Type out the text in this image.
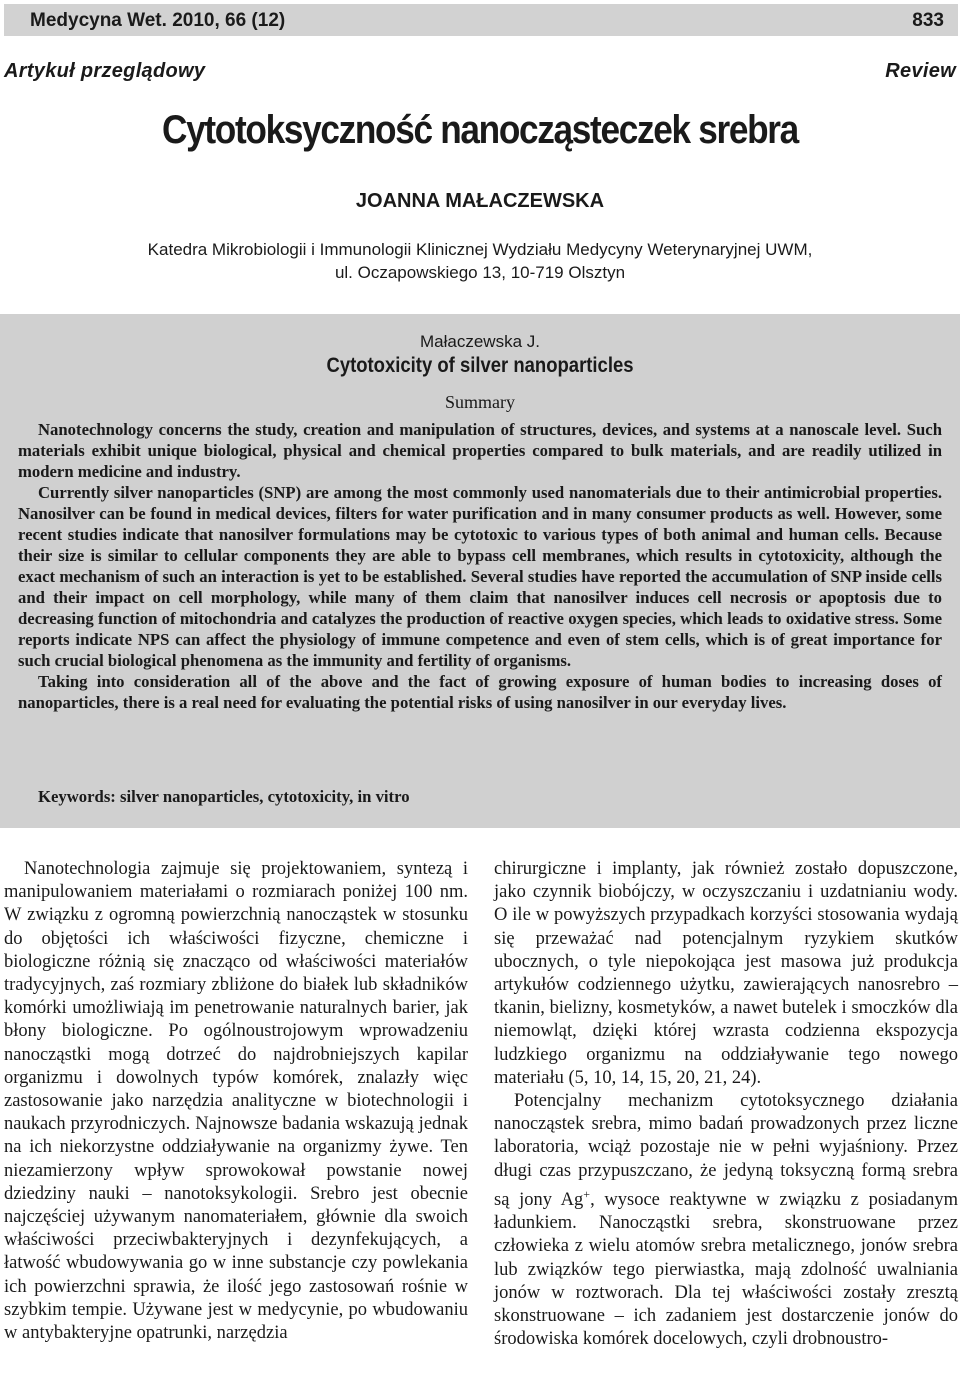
Medycyna Wet. 2010, 66 (12)	833
Artykuł przeglądowy	Review
Cytotoksyczność nanocząsteczek srebra
JOANNA MAŁACZEWSKA
Katedra Mikrobiologii i Immunologii Klinicznej Wydziału Medycyny Weterynaryjnej UWM,
ul. Oczapowskiego 13, 10-719 Olsztyn
Małaczewska J.
Cytotoxicity of silver nanoparticles
Summary

Nanotechnology concerns the study, creation and manipulation of structures, devices, and systems at a nanoscale level. Such materials exhibit unique biological, physical and chemical properties compared to bulk materials, and are readily utilized in modern medicine and industry.

Currently silver nanoparticles (SNP) are among the most commonly used nanomaterials due to their antimicrobial properties. Nanosilver can be found in medical devices, filters for water purification and in many consumer products as well. However, some recent studies indicate that nanosilver formulations may be cytotoxic to various types of both animal and human cells. Because their size is similar to cellular components they are able to bypass cell membranes, which results in cytotoxicity, although the exact mechanism of such an interaction is yet to be established. Several studies have reported the accumulation of SNP inside cells and their impact on cell morphology, while many of them claim that nanosilver induces cell necrosis or apoptosis due to decreasing function of mitochondria and catalyzes the production of reactive oxygen species, which leads to oxidative stress. Some reports indicate NPS can affect the physiology of immune competence and even of stem cells, which is of great importance for such crucial biological phenomena as the immunity and fertility of organisms.

Taking into consideration all of the above and the fact of growing exposure of human bodies to increasing doses of nanoparticles, there is a real need for evaluating the potential risks of using nanosilver in our everyday lives.

Keywords: silver nanoparticles, cytotoxicity, in vitro

Nanotechnologia zajmuje się projektowaniem, syntezą i manipulowaniem materiałami o rozmiarach poniżej 100 nm. W związku z ogromną powierzchnią nanocząstek w stosunku do objętości ich właściwości fizyczne, chemiczne i biologiczne różnią się znacząco od właściwości materiałów tradycyjnych, zaś rozmiary zbliżone do białek lub składników komórki umożliwiają im penetrowanie naturalnych barier, jak błony biologiczne. Po ogólnoustrojowym wprowadzeniu nanocząstki mogą dotrzeć do najdrobniejszych kapilar organizmu i dowolnych typów komórek, znalazły więc zastosowanie jako narzędzia analityczne w biotechnologii i naukach przyrodniczych. Najnowsze badania wskazują jednak na ich niekorzystne oddziaływanie na organizmy żywe. Ten niezamierzony wpływ sprowokował powstanie nowej dziedziny nauki – nanotoksykologii. Srebro jest obecnie najczęściej używanym nanomateriałem, głównie dla swoich właściwości przeciwbakteryjnych i dezynfekujących, a łatwość wbudowywania go w inne substancje czy powlekania ich powierzchni sprawia, że ilość jego zastosowań rośnie w szybkim tempie. Używane jest w medycynie, po wbudowaniu w antybakteryjne opatrunki, narzędzia

chirurgiczne i implanty, jak również zostało dopuszczone, jako czynnik biobójczy, w oczyszczaniu i uzdatnianiu wody. O ile w powyższych przypadkach korzyści stosowania wydają się przeważać nad potencjalnym ryzykiem skutków ubocznych, o tyle niepokojąca jest masowa już produkcja artykułów codziennego użytku, zawierających nanosrebro – tkanin, bielizny, kosmetyków, a nawet butelek i smoczków dla niemowląt, dzięki której wzrasta codzienna ekspozycja ludzkiego organizmu na oddziaływanie tego nowego materiału (5, 10, 14, 15, 20, 21, 24).

Potencjalny mechanizm cytotoksycznego działania nanocząstek srebra, mimo badań prowadzonych przez liczne laboratoria, wciąż pozostaje nie w pełni wyjaśniony. Przez długi czas przypuszczano, że jedyną toksyczną formą srebra są jony Ag+, wysoce reaktywne w związku z posiadanym ładunkiem. Nanocząstki srebra, skonstruowane przez człowieka z wielu atomów srebra metalicznego, jonów srebra lub związków tego pierwiastka, mają zdolność uwalniania jonów w roztworach. Dla tej właściwości zostały zresztą skonstruowane – ich zadaniem jest dostarczenie jonów do środowiska komórek docelowych, czyli drobnoustro-
